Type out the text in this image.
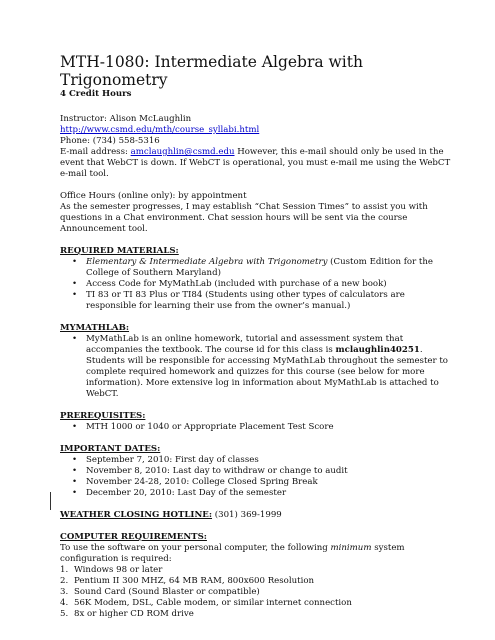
MTH-1080: Intermediate Algebra with Trigonometry
4 Credit Hours
Instructor: Alison McLaughlin
http://www.csmd.edu/mth/course_syllabi.html
Phone: (734) 558-5316
E-mail address: amclaughlin@csmd.edu However, this e-mail should only be used in the event that WebCT is down. If WebCT is operational, you must e-mail me using the WebCT e-mail tool.
Office Hours (online only): by appointment
As the semester progresses, I may establish “Chat Session Times” to assist you with questions in a Chat environment. Chat session hours will be sent via the course Announcement tool.
REQUIRED MATERIALS:
• Elementary & Intermediate Algebra with Trigonometry (Custom Edition for the College of Southern Maryland)
• Access Code for MyMathLab (included with purchase of a new book)
• TI 83 or TI 83 Plus or TI84 (Students using other types of calculators are responsible for learning their use from the owner’s manual.)
MYMATHLAB:
• MyMathLab is an online homework, tutorial and assessment system that accompanies the textbook. The course id for this class is mclaughlin40251. Students will be responsible for accessing MyMathLab throughout the semester to complete required homework and quizzes for this course (see below for more information). More extensive log in information about MyMathLab is attached to WebCT.
PREREQUISITES:
• MTH 1000 or 1040 or Appropriate Placement Test Score
IMPORTANT DATES:
• September 7, 2010: First day of classes
• November 8, 2010: Last day to withdraw or change to audit
• November 24-28, 2010: College Closed Spring Break
• December 20, 2010: Last Day of the semester
WEATHER CLOSING HOTLINE: (301) 369-1999
COMPUTER REQUIREMENTS:
To use the software on your personal computer, the following minimum system configuration is required:
1. Windows 98 or later
2. Pentium II 300 MHZ, 64 MB RAM, 800x600 Resolution
3. Sound Card (Sound Blaster or compatible)
4. 56K Modem, DSL, Cable modem, or similar internet connection
5. 8x or higher CD ROM drive
